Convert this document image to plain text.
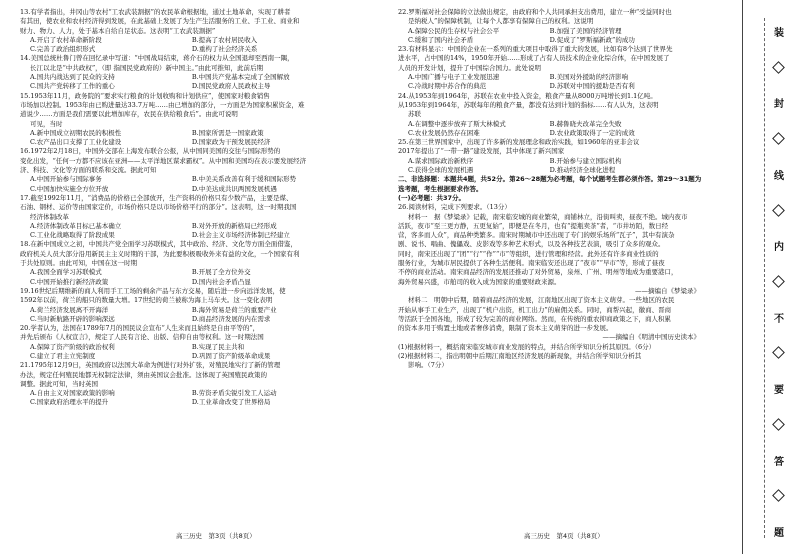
13.有学者指出，井冈山等农村“工农武装割据”的农民革命根据地，通过土地革命，实现了耕者
有其田，使农业和农村经济得到发展，在此基础上发展了为生产生活服务的工业、手工业、商业和
财力、物力、人力，处于基本自给自足状态。这表明“工农武装割据”
A.开启了农村革命新阶段	B.提高了农村居民收入
C.完善了政治组织形式	D.重构了社会经济关系
14.美国总统杜鲁门曾在回忆录中写道：“中国战局结束，蒋介石的权力从全国退却至西南一隅，
长江以北是“中共政权”，（即 指国民党政府的）新中国主。”由此可推知，此前后期
A.国共内战达到了民众的支持	B.中国共产党基本完成了全国解放
C.国共产党转移了工作的重心	D.国民党政府人民政权主导
15.1953年11月，政务院的“要求实行粮食的计划收购和计划供应”，使国家对粮食销售
市场加以控制。1953年由已购进量达33.7万吨……由已增加的部分，一方面是为国家积累资金，难
道说少……方面是我们需要以此增加库存，农民在供给粮食后”。由此可说明
可见，当时
A.新中国成立初期农民的积极性	B.国家所需是一国家政策
C.农产品出口支撑了工业化建设	D.国家政为干预发展民经济
16.1972年2月18日，中国外交部在上海发布联合公报，从中国同美国的交往与国际形势的
变化出发，“任何一方都不应该在亚洲——太平洋地区谋求霸权”。从中国和美国均在表示要发展经济
济、科技、文化等方面的联系和交流。据此可知
A.中国开始参与国际事务	B.中美关系改善有利于缓和国际形势
C.中国加快实施全方位开放	D.中美达成共识两国发展机遇
17.截至1992年11月，“消费品的价格已全部放开，生产资料的价格只有少数产品，主要是煤、
石油、钢材、运价等由国家定价，市场价格只是以市场价格平行的部分”。这表明，这一时期我国
经济体制改革
A.经济体制改革目标已基本确立	B.对外开放的新格局已经形成
C.工业化战略取得了阶段成果	D.社会主义市场经济体制已经建立
18.在新中国成立之初，中国共产党全面学习苏联模式，其中政治、经济、文化等方面全面借鉴，
政府机关人员大部分沿用新民主主义时期的干部，为此要积极吸收外来有益的文化，一个国家有利
于共处原则。由此可知，中国在这一时期
A.我国全面学习苏联模式	B.开展了全方位外交
C.中国开始推行新经济政策	D.国内社会矛盾凸显
19.16世纪后期维新的商人利用手工工场的剩余产品与东方交易，随后进一步向远洋发展，使
1592年以前，荷兰的船只的数量大增。17世纪的荷兰被称为海上马车夫。这一变化表明
A.荷兰经济发展离不开海洋	B.海外贸易是荷兰的重要产业
C.当时新航路开辟的影响深远	D.商品经济发展的内在需求
20.学者认为，法国在1789年7月的国民议会宣布“人生来而且始终是自由平等的”，
并先后颁布《人权宣言》，规定了人民有言论、出版、信仰自由等权利。这一时期法国
A.保障了资产阶级的政治权利	B.实现了民主共和
C.建立了君主立宪制度	D.巩固了资产阶级革命成果
21.1795年12月9日，英国政府以法国大革命为例进行对外扩张，对殖民地实行了新的管理
办法，规定任何殖民地都无权制定法律，须由英国议会批准。这体现了英国殖民政策的
调整。据此可知，当时英国
A.自由主义对国家政策的影响	B.劳资矛盾尖锐引发工人运动
C.国家政府治理水平的提升	D.工业革命改变了世界格局
22.罗斯福对社会保障的立法做出规定，由政府和个人共同承担支出费用，建立一种“受益同时也
是纳税人”的保障机制，让每个人都享有保障自己的权利。这说明
A.保障公民的生存权与社会公平	B.加强了美国的经济管理
C.缓和了国内社会矛盾	D.促成了“罗斯福新政”的成功
23.有材料显示：中国的企业在一系列的重大项目中取得了重大的发展，比如有8个达到了世界先
进水平，占中国的14%，1950年开始……形成了占有人员技术的企业化综合体，在中国发展了
人员的开发计划，提升了中国综合国力。此处说明
A.中国广播与电子工业发展迅速	B.美国对外援助的经济影响
C.冷战时期中苏合作的典范	D.苏联对中国的援助是否有利
24.从1953年到1964年，苏联在农业中投入资金，粮食产量从8000万吨增长到1.1亿吨。
从1953年到1964年，苏联每年的粮食产量，都没有达到计划的指标……有人认为，这表明
苏联
A.在调整中逐步放弃了斯大林模式	B.赫鲁晓夫改革完全失败
C.农业发展仍然存在困难	D.农业政策取得了一定的成效
25.在第三世界国家中，出现了许多新的发展理念和政治实践，如1960年的亚非会议
2017年提出了“一带一路”建设发展，其中体现了新兴国家
A.谋求国际政治新秩序	B.开始参与建立国际机构
C.获得全球的发展机遇	D.推动经济全球化进程
二、非选择题：本题共4题，共52分。第26～28题为必考题，每个试题考生都必须作答。第29～31题为
选考题，考生根据要求作答。
(一)必考题：共37分。
26.阅读材料，完成下列要求。（13分）
材料一　据《梦粱录》记载，南宋临安城的商业繁荣，商铺林立，沿街叫卖，昼夜不绝。城内夜市
活跃，夜市“至三更方静，五更复始”，即便是在冬月，也有“提瓶卖茶”者，“市井坊陌，数日经
营，客多而人众”，商品种类繁多。南宋时期城市中还出现了专门的娱乐场所“瓦子”，其中有演杂
剧、说书、唱曲、傀儡戏、皮影戏等多种艺术形式，以及各种技艺表演，吸引了众多的观众。
同时，南宋还出现了“团”“行”“作”“市”等组织，进行管理和经营。此外还有许多商业性质的
服务行业，为城市居民提供了各种生活便利。南宋临安还出现了“夜市”“早市”等，形成了昼夜
不停的商业活动。南宋商品经济的发展还推动了对外贸易，泉州、广州、明州等地成为重要港口，
海外贸易兴盛，市舶司的收入成为国家的重要财政来源。
——摘编自《梦粱录》
材料二　明朝中后期，随着商品经济的发展，江南地区出现了资本主义萌芽。一些地区的农民
开始从事手工业生产，出现了“机户出资，机工出力”的雇佣关系。同时，商帮兴起，徽商、晋商
等活跃于全国各地，形成了较为完善的商业网络。然而，在传统的重农抑商政策之下，商人积累
的资本多用于购置土地或者奢侈消费，限制了资本主义萌芽的进一步发展。
——摘编自《明清中国历史读本》
(1)根据材料一，概括南宋临安城市商业发展的特点，并结合所学知识分析其原因。（6分）
(2)根据材料二，指出明朝中后期江南地区经济发展的新现象，并结合所学知识分析其
影响。（7分）
高三历史　第3页（共8页）	高三历史　第4页（共8页）
装
封
线
内
不
要
答
题
